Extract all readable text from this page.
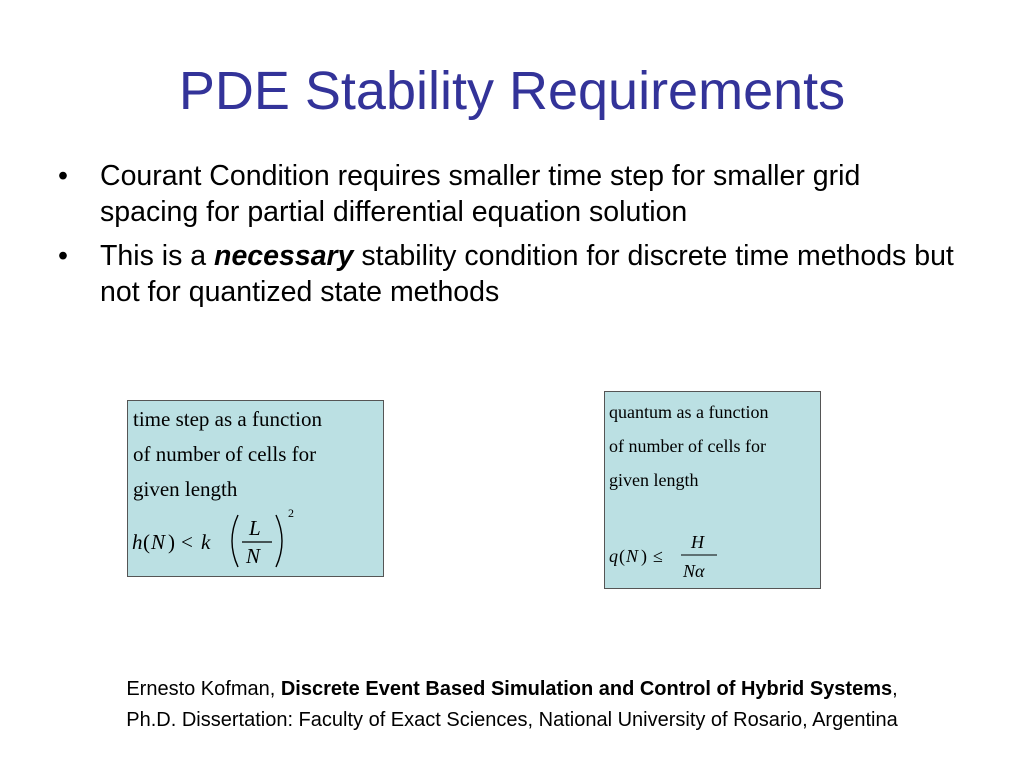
PDE Stability Requirements
• Courant Condition requires smaller time step for smaller grid spacing for partial differential equation solution
• This is a necessary stability condition for discrete time methods but not for quantized state methods
time step as a function
of number of cells for
given length
h ( N ) < k
L
N
2
quantum as a function
of number of cells for
given length
q ( N ) ≤
H
Nα
Ernesto Kofman, Discrete Event Based Simulation and Control of Hybrid Systems,
Ph.D. Dissertation: Faculty of Exact Sciences, National University of Rosario, Argentina
